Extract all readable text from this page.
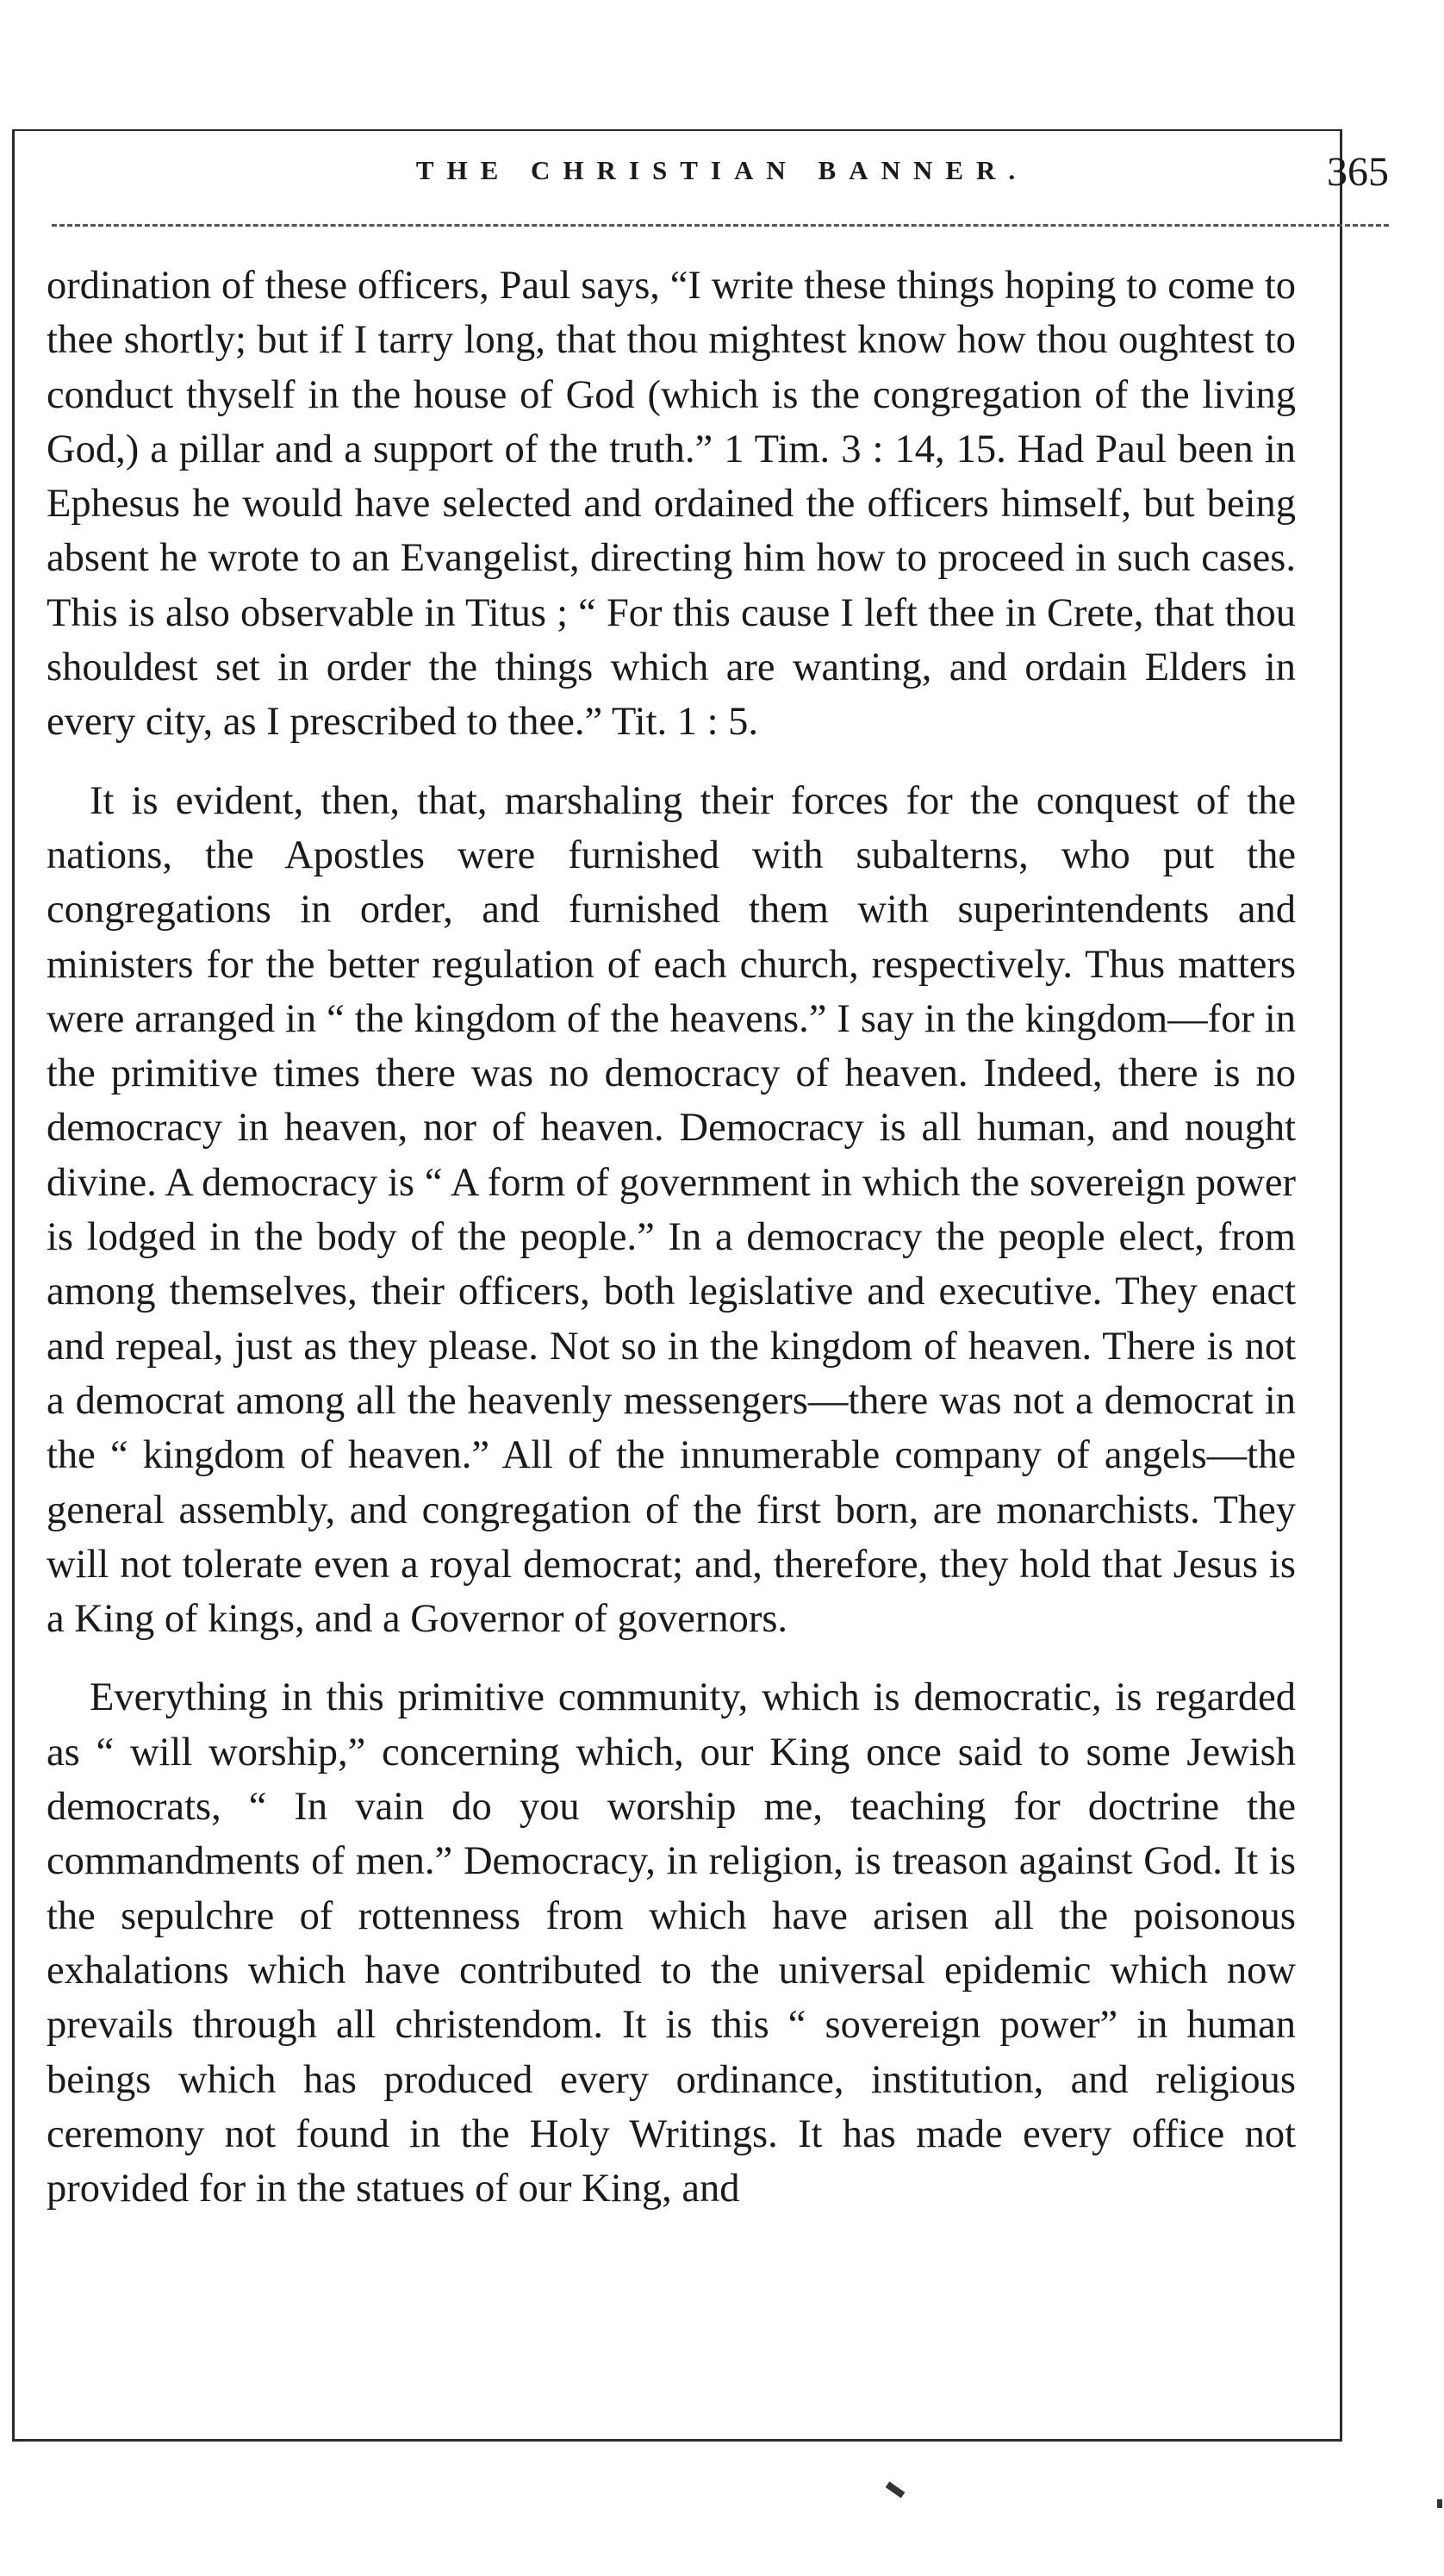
THE CHRISTIAN BANNER.	365

ordination of these officers, Paul says, “I write these things hoping to come to thee shortly; but if I tarry long, that thou mightest know how thou oughtest to conduct thyself in the house of God (which is the congregation of the living God,) a pillar and a support of the truth.” 1 Tim. 3 : 14, 15. Had Paul been in Ephesus he would have selected and ordained the officers himself, but being absent he wrote to an Evangelist, directing him how to proceed in such cases. This is also observable in Titus ; “ For this cause I left thee in Crete, that thou shouldest set in order the things which are wanting, and ordain Elders in every city, as I prescribed to thee.” Tit. 1 : 5.

It is evident, then, that, marshaling their forces for the conquest of the nations, the Apostles were furnished with subalterns, who put the congregations in order, and furnished them with superintendents and ministers for the better regulation of each church, respectively. Thus matters were arranged in “ the kingdom of the heavens.” I say in the kingdom—for in the primitive times there was no democracy of heaven. Indeed, there is no democracy in heaven, nor of heaven. Democracy is all human, and nought divine. A democracy is “ A form of government in which the sovereign power is lodged in the body of the people.” In a democracy the people elect, from among themselves, their officers, both legislative and executive. They enact and repeal, just as they please. Not so in the kingdom of heaven. There is not a democrat among all the heavenly messengers—there was not a democrat in the “ kingdom of heaven.” All of the innumerable company of angels—the general assembly, and congregation of the first born, are monarchists. They will not tolerate even a royal democrat; and, therefore, they hold that Jesus is a King of kings, and a Governor of governors.

Everything in this primitive community, which is democratic, is regarded as “ will worship,” concerning which, our King once said to some Jewish democrats, “ In vain do you worship me, teaching for doctrine the commandments of men.” Democracy, in religion, is treason against God. It is the sepulchre of rottenness from which have arisen all the poisonous exhalations which have contributed to the universal epidemic which now prevails through all christendom. It is this “ sovereign power” in human beings which has produced every ordinance, institution, and religious ceremony not found in the Holy Writings. It has made every office not provided for in the statues of our King, and
